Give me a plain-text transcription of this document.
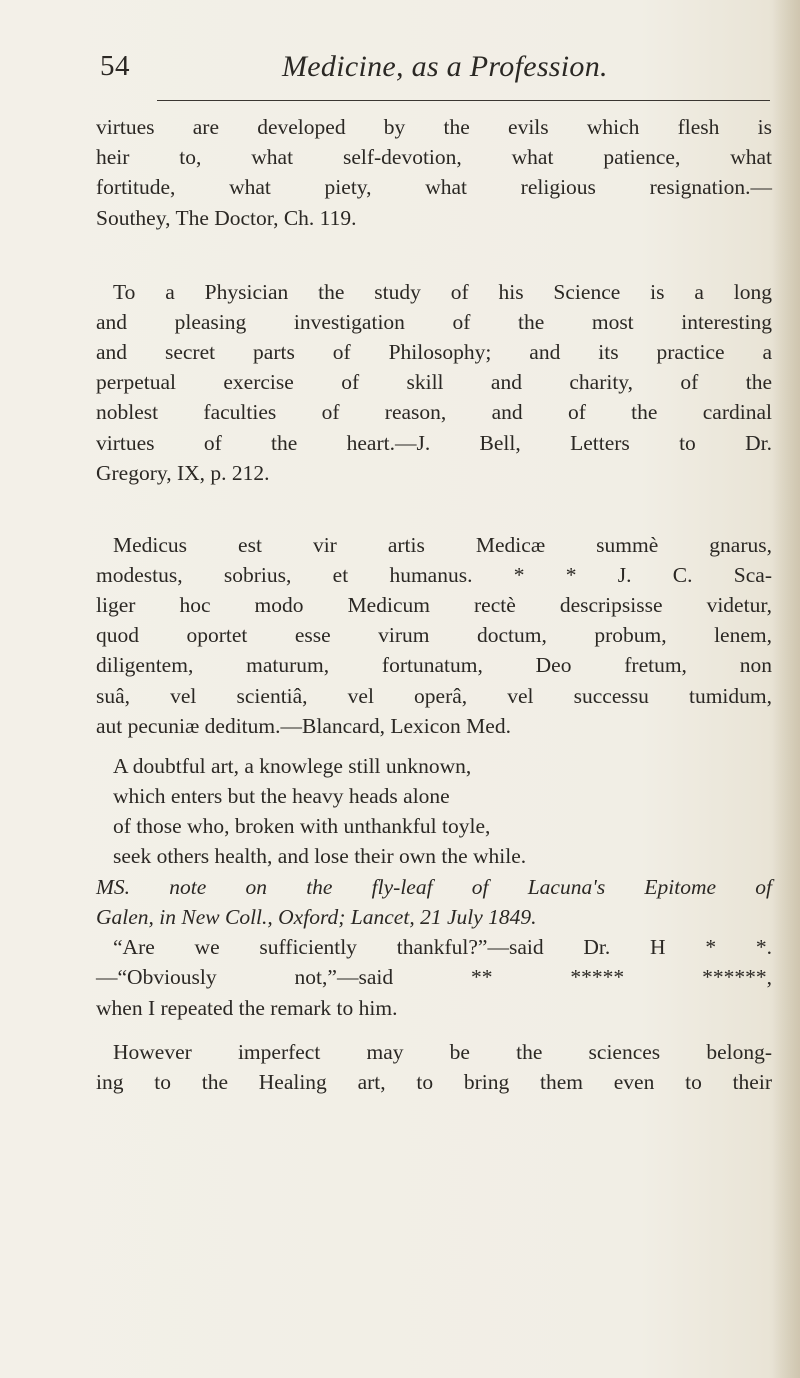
54	Medicine, as a Profession.
virtues are developed by the evils which flesh is
heir to, what self-devotion, what patience, what
fortitude, what piety, what religious resignation.—
Southey, The Doctor, Ch. 119.
To a Physician the study of his Science is a long
and pleasing investigation of the most interesting
and secret parts of Philosophy; and its practice a
perpetual exercise of skill and charity, of the
noblest faculties of reason, and of the cardinal
virtues of the heart.—J. Bell, Letters to Dr.
Gregory, IX, p. 212.
Medicus est vir artis Medicæ summè gnarus,
modestus, sobrius, et humanus. * * J. C. Sca-
liger hoc modo Medicum rectè descripsisse videtur,
quod oportet esse virum doctum, probum, lenem,
diligentem, maturum, fortunatum, Deo fretum, non
suâ, vel scientiâ, vel operâ, vel successu tumidum,
aut pecuniæ deditum.—Blancard, Lexicon Med.
A doubtful art, a knowlege still unknown,
which enters but the heavy heads alone
of those who, broken with unthankful toyle,
seek others health, and lose their own the while.
MS. note on the fly-leaf of Lacuna's Epitome of
Galen, in New Coll., Oxford; Lancet, 21 July 1849.
“Are we sufficiently thankful?”—said Dr. H * *.
—“Obviously not,”—said ** ***** ******,
when I repeated the remark to him.
However imperfect may be the sciences belong-
ing to the Healing art, to bring them even to their
